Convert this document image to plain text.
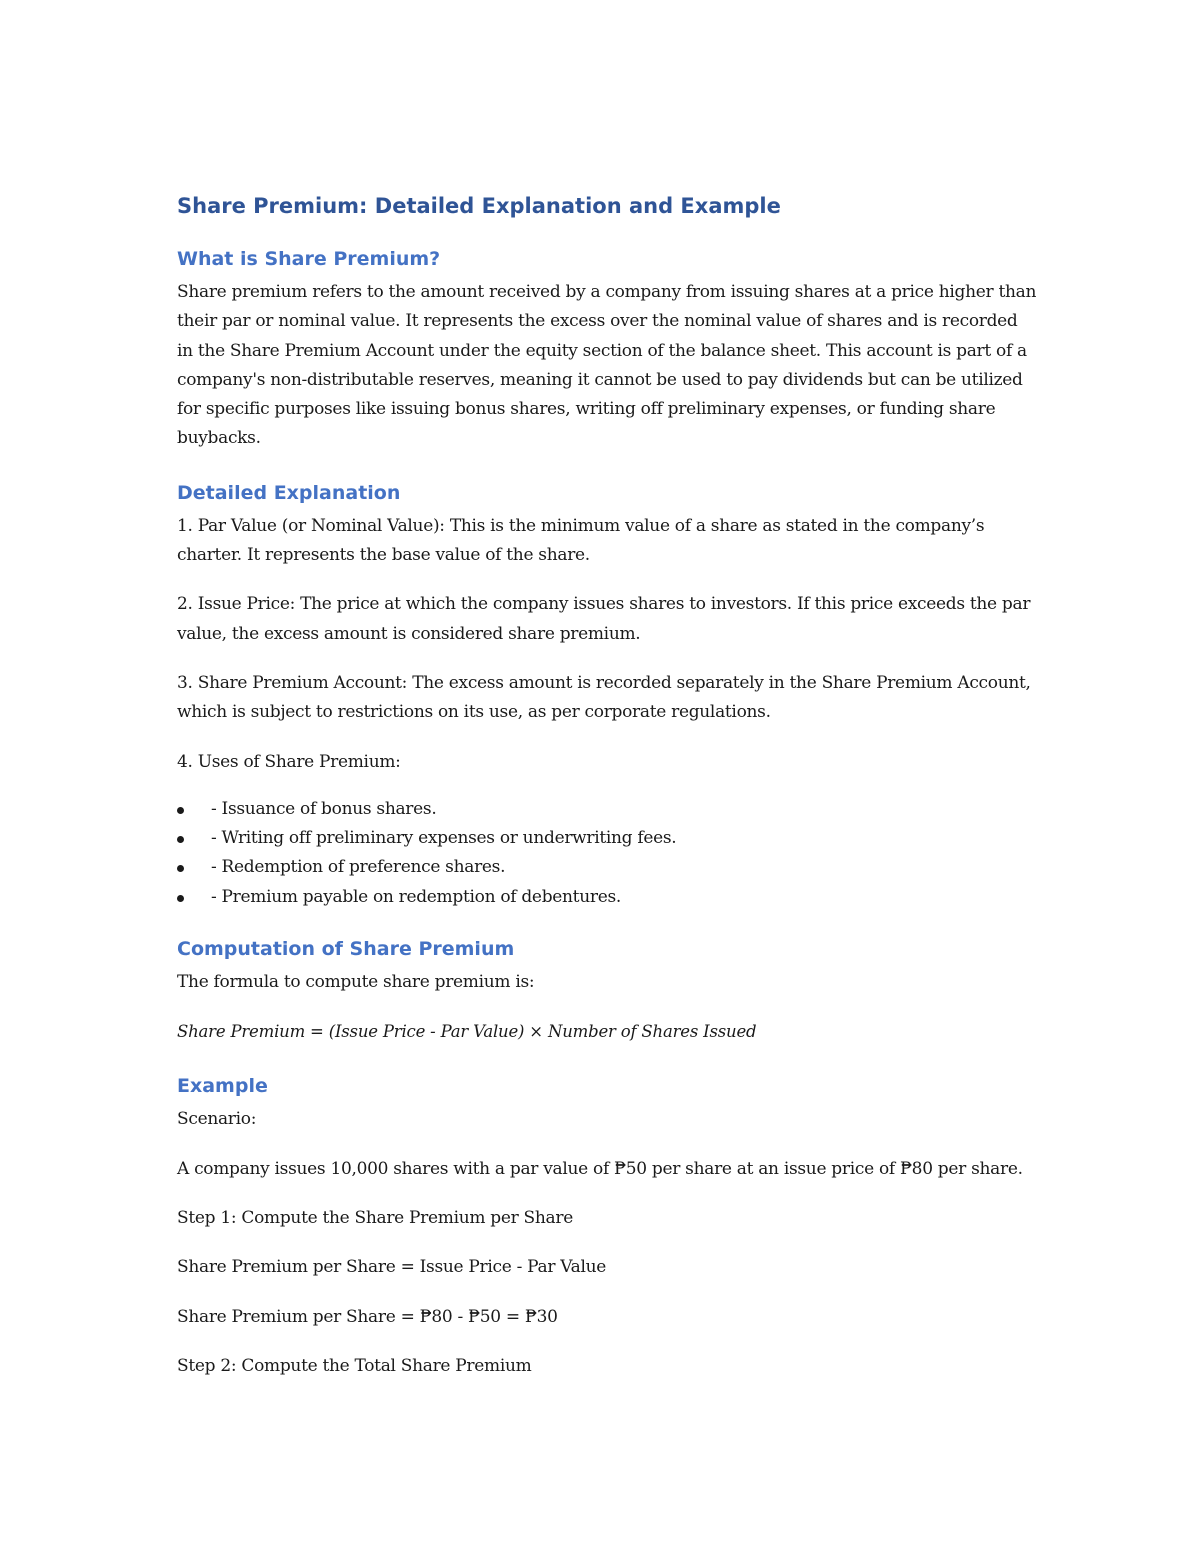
Share Premium: Detailed Explanation and Example
What is Share Premium?
Share premium refers to the amount received by a company from issuing shares at a price higher than their par or nominal value. It represents the excess over the nominal value of shares and is recorded in the Share Premium Account under the equity section of the balance sheet. This account is part of a company's non-distributable reserves, meaning it cannot be used to pay dividends but can be utilized for specific purposes like issuing bonus shares, writing off preliminary expenses, or funding share buybacks.
Detailed Explanation
1. Par Value (or Nominal Value): This is the minimum value of a share as stated in the company’s charter. It represents the base value of the share.
2. Issue Price: The price at which the company issues shares to investors. If this price exceeds the par value, the excess amount is considered share premium.
3. Share Premium Account: The excess amount is recorded separately in the Share Premium Account, which is subject to restrictions on its use, as per corporate regulations.
4. Uses of Share Premium:
- Issuance of bonus shares.
- Writing off preliminary expenses or underwriting fees.
- Redemption of preference shares.
- Premium payable on redemption of debentures.
Computation of Share Premium
The formula to compute share premium is:
Share Premium = (Issue Price - Par Value) × Number of Shares Issued
Example
Scenario:
A company issues 10,000 shares with a par value of ₱50 per share at an issue price of ₱80 per share.
Step 1: Compute the Share Premium per Share
Share Premium per Share = Issue Price - Par Value
Share Premium per Share = ₱80 - ₱50 = ₱30
Step 2: Compute the Total Share Premium
